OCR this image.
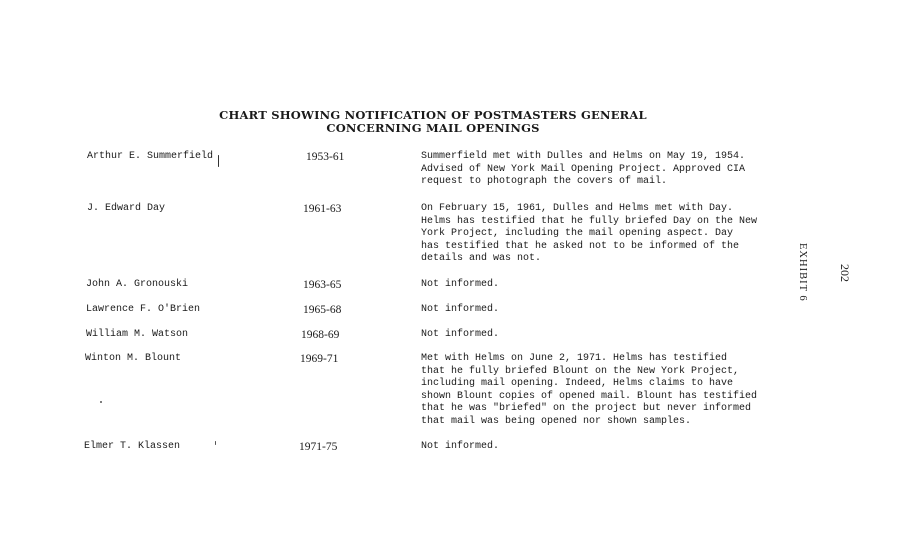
CHART SHOWING NOTIFICATION OF POSTMASTERS GENERAL
CONCERNING MAIL OPENINGS
Arthur E. Summerfield	1953-61	Summerfield met with Dulles and Helms on May 19, 1954.
Advised of New York Mail Opening Project. Approved CIA
request to photograph the covers of mail.
J. Edward Day	1961-63	On February 15, 1961, Dulles and Helms met with Day.
Helms has testified that he fully briefed Day on the New
York Project, including the mail opening aspect. Day
has testified that he asked not to be informed of the
details and was not.
John A. Gronouski	1963-65	Not informed.
Lawrence F. O'Brien	1965-68	Not informed.
William M. Watson	1968-69	Not informed.
Winton M. Blount	1969-71	Met with Helms on June 2, 1971. Helms has testified
that he fully briefed Blount on the New York Project,
including mail opening. Indeed, Helms claims to have
shown Blount copies of opened mail. Blount has testified
that he was "briefed" on the project but never informed
that mail was being opened nor shown samples.
Elmer T. Klassen	1971-75	Not informed.
EXHIBIT 6	202
